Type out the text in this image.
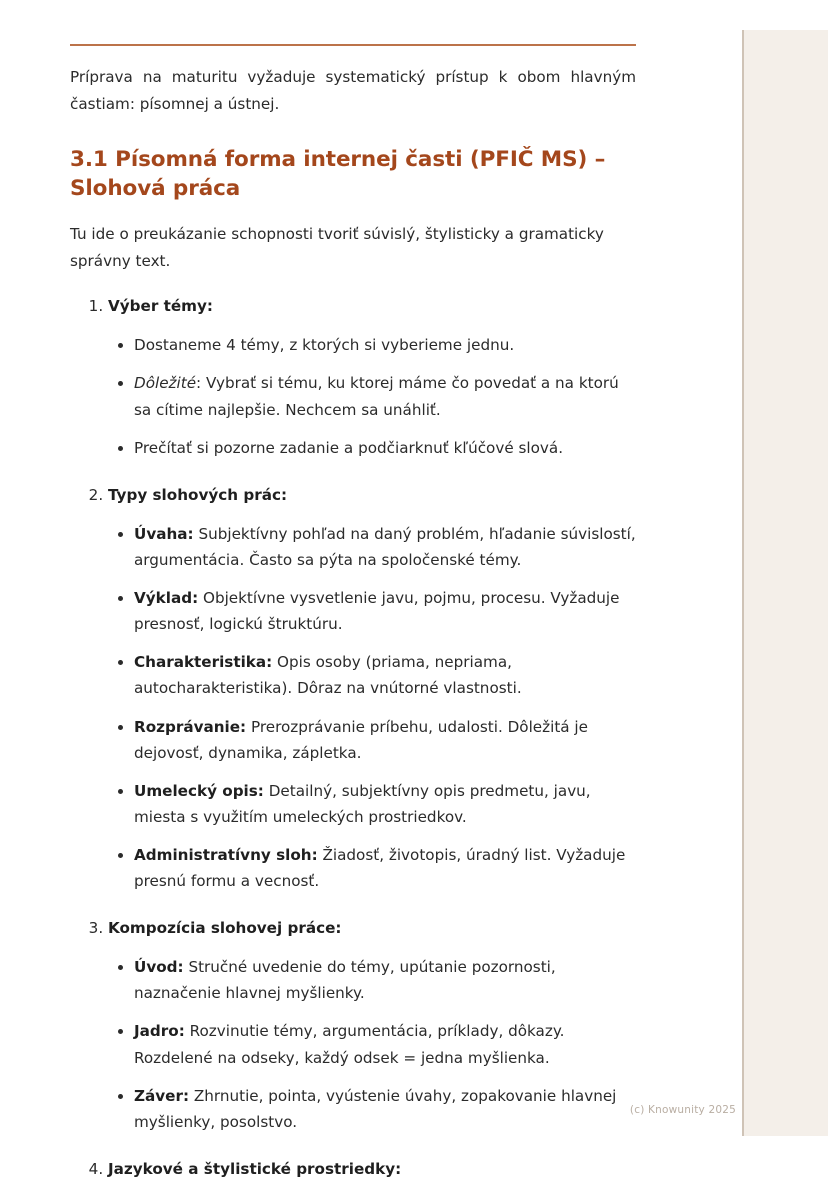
Príprava na maturitu vyžaduje systematický prístup k obom hlavným častiam: písomnej a ústnej.

3.1 Písomná forma internej časti (PFIČ MS) – Slohová práca

Tu ide o preukázanie schopnosti tvoriť súvislý, štylisticky a gramaticky správny text.

1. Výber témy:
• Dostaneme 4 témy, z ktorých si vyberieme jednu.
• Dôležité: Vybrať si tému, ku ktorej máme čo povedať a na ktorú sa cítime najlepšie. Nechcem sa unáhliť.
• Prečítať si pozorne zadanie a podčiarknuť kľúčové slová.
2. Typy slohových prác:
• Úvaha: Subjektívny pohľad na daný problém, hľadanie súvislostí, argumentácia. Často sa pýta na spoločenské témy.
• Výklad: Objektívne vysvetlenie javu, pojmu, procesu. Vyžaduje presnosť, logickú štruktúru.
• Charakteristika: Opis osoby (priama, nepriama, autocharakteristika). Dôraz na vnútorné vlastnosti.
• Rozprávanie: Prerozprávanie príbehu, udalosti. Dôležitá je dejovosť, dynamika, zápletka.
• Umelecký opis: Detailný, subjektívny opis predmetu, javu, miesta s využitím umeleckých prostriedkov.
• Administratívny sloh: Žiadosť, životopis, úradný list. Vyžaduje presnú formu a vecnosť.
3. Kompozícia slohovej práce:
• Úvod: Stručné uvedenie do témy, upútanie pozornosti, naznačenie hlavnej myšlienky.
• Jadro: Rozvinutie témy, argumentácia, príklady, dôkazy. Rozdelené na odseky, každý odsek = jedna myšlienka.
• Záver: Zhrnutie, pointa, vyústenie úvahy, zopakovanie hlavnej myšlienky, posolstvo.
4. Jazykové a štylistické prostriedky:
(c) Knowunity 2025
